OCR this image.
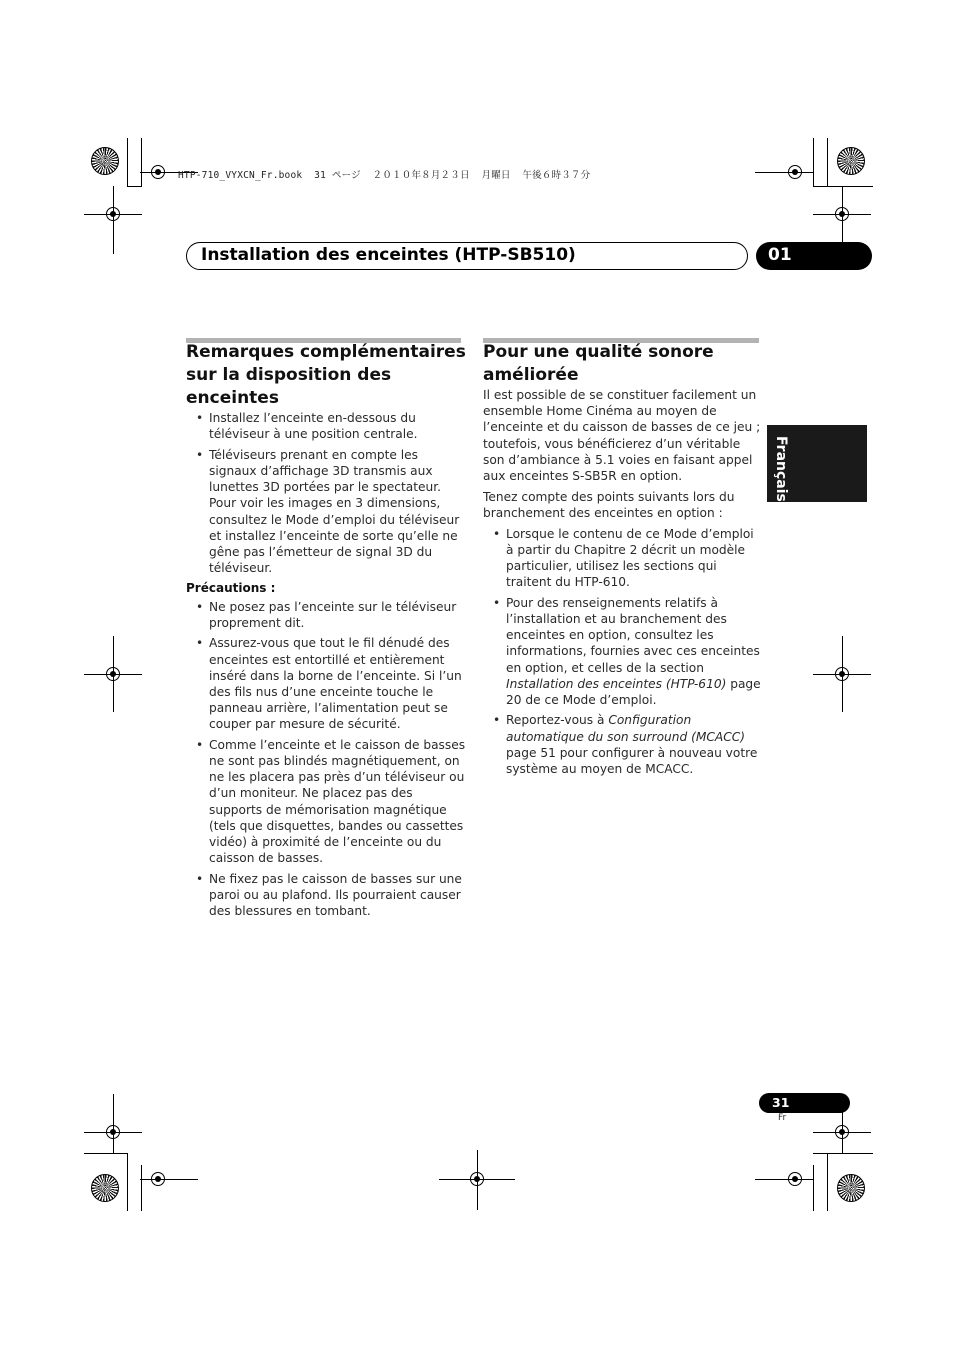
HTP-710_VYXCN_Fr.book  31 ページ  ２０１０年８月２３日  月曜日  午後６時３７分
Installation des enceintes (HTP-SB510)	01
Français
Remarques complémentaires
sur la disposition des
enceintes
• Installez l’enceinte en-dessous du téléviseur à une position centrale.
• Téléviseurs prenant en compte les signaux d’affichage 3D transmis aux lunettes 3D portées par le spectateur. Pour voir les images en 3 dimensions, consultez le Mode d’emploi du téléviseur et installez l’enceinte de sorte qu’elle ne gêne pas l’émetteur de signal 3D du téléviseur.
Précautions :
• Ne posez pas l’enceinte sur le téléviseur proprement dit.
• Assurez-vous que tout le fil dénudé des enceintes est entortillé et entièrement inséré dans la borne de l’enceinte. Si l’un des fils nus d’une enceinte touche le panneau arrière, l’alimentation peut se couper par mesure de sécurité.
• Comme l’enceinte et le caisson de basses ne sont pas blindés magnétiquement, on ne les placera pas près d’un téléviseur ou d’un moniteur. Ne placez pas des supports de mémorisation magnétique (tels que disquettes, bandes ou cassettes vidéo) à proximité de l’enceinte ou du caisson de basses.
• Ne fixez pas le caisson de basses sur une paroi ou au plafond. Ils pourraient causer des blessures en tombant.
Pour une qualité sonore
améliorée

Il est possible de se constituer facilement un ensemble Home Cinéma au moyen de l’enceinte et du caisson de basses de ce jeu ; toutefois, vous bénéficierez d’un véritable son d’ambiance à 5.1 voies en faisant appel aux enceintes S-SB5R en option.

Tenez compte des points suivants lors du branchement des enceintes en option :

• Lorsque le contenu de ce Mode d’emploi à partir du Chapitre 2 décrit un modèle particulier, utilisez les sections qui traitent du HTP-610.
• Pour des renseignements relatifs à l’installation et au branchement des enceintes en option, consultez les informations, fournies avec ces enceintes en option, et celles de la section Installation des enceintes (HTP-610) page 20 de ce Mode d’emploi.
• Reportez-vous à Configuration automatique du son surround (MCACC) page 51 pour configurer à nouveau votre système au moyen de MCACC.
31
Fr
